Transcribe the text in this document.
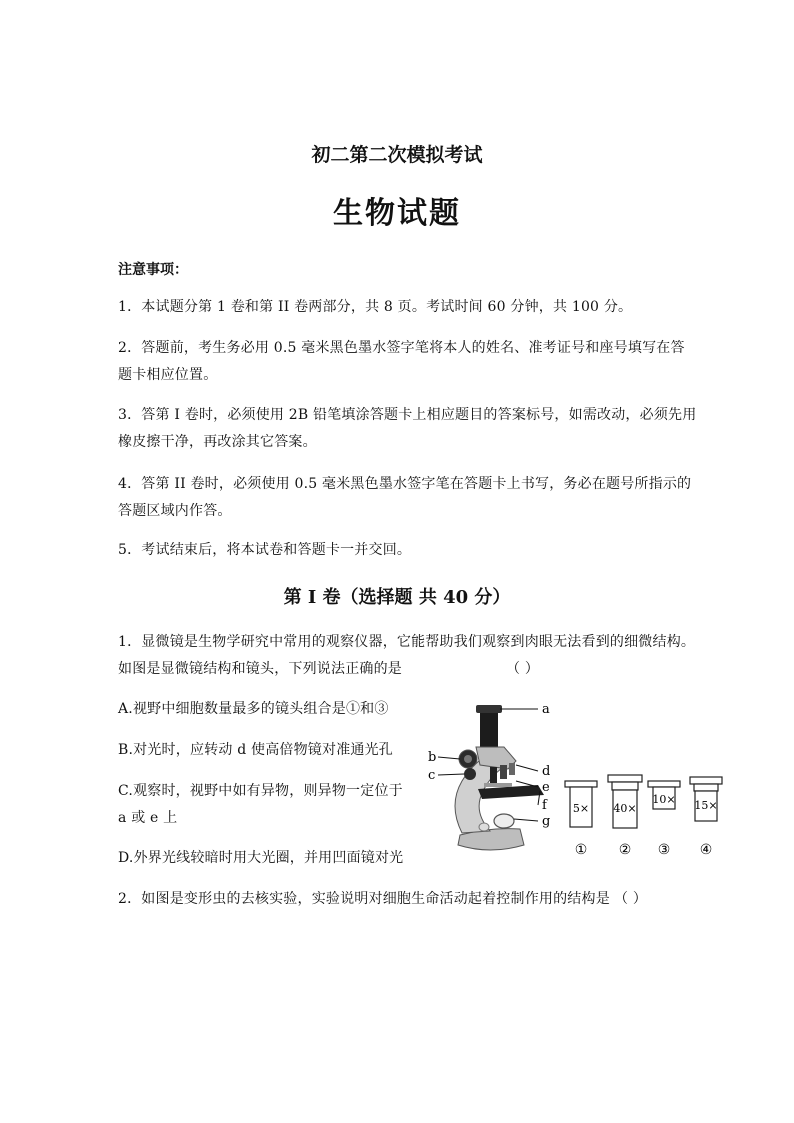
初二第二次模拟考试
生物试题
注意事项：
1．本试题分第 1 卷和第 II 卷两部分，共 8 页。考试时间 60 分钟，共 100 分。
2．答题前，考生务必用 0.5 毫米黑色墨水签字笔将本人的姓名、准考证号和座号填写在答
题卡相应位置。
3．答第 I 卷时，必须使用 2B 铅笔填涂答题卡上相应题目的答案标号，如需改动，必须先用
橡皮擦干净，再改涂其它答案。
4．答第 II 卷时，必须使用 0.5 毫米黑色墨水签字笔在答题卡上书写，务必在题号所指示的
答题区域内作答。
5．考试结束后，将本试卷和答题卡一并交回。
第 I 卷（选择题 共 40 分）
1．显微镜是生物学研究中常用的观察仪器，它能帮助我们观察到肉眼无法看到的细微结构。
如图是显微镜结构和镜头，下列说法正确的是	（ ）
A.视野中细胞数量最多的镜头组合是①和③
B.对光时，应转动 d 使高倍物镜对准通光孔
C.观察时，视野中如有异物，则异物一定位于
a 或 e 上
D.外界光线较暗时用大光圈，并用凹面镜对光
a
b
c	d
e
f
g
5×
①
40×
②
10×
③
15×
④
2．如图是变形虫的去核实验，实验说明对细胞生命活动起着控制作用的结构是 （ ）
